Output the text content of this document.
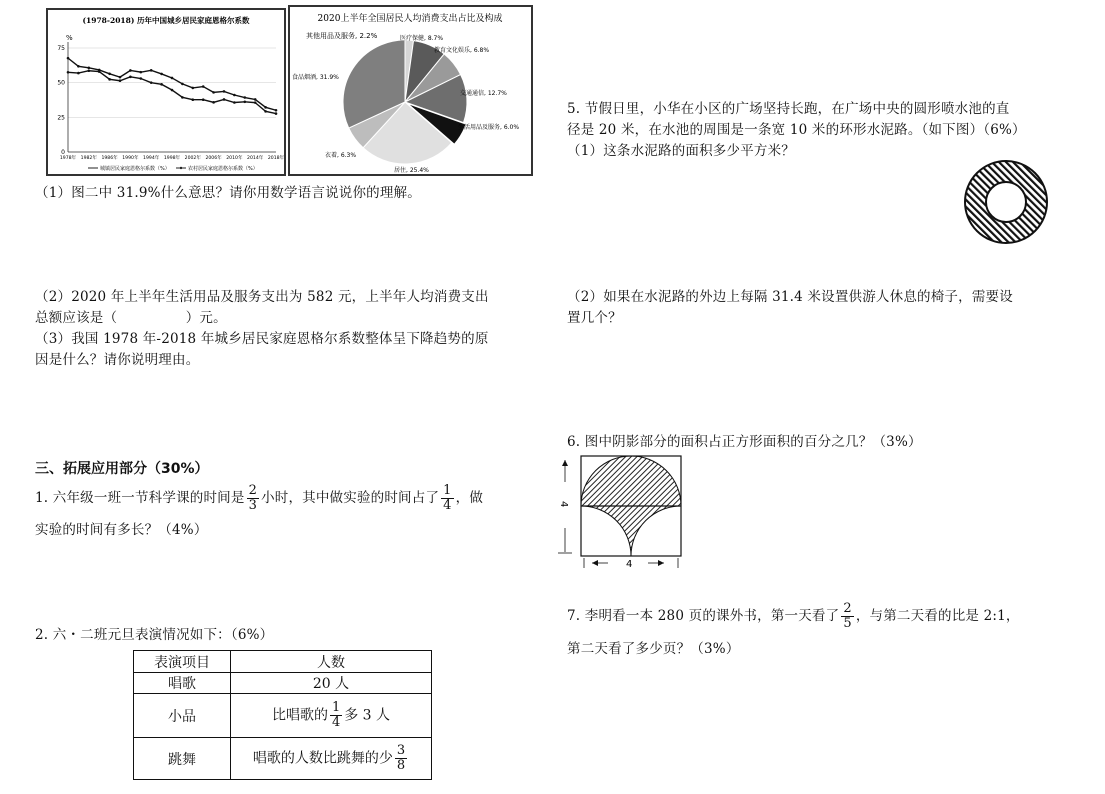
(1978-2018) 历年中国城乡居民家庭恩格尔系数
%
75
50
25
0
1978年 1982年 1986年 1990年 1994年 1998年 2002年 2006年 2010年 2014年 2018年
城镇居民家庭恩格尔系数（%）	农村居民家庭恩格尔系数（%）
2020上半年全国居民人均消费支出占比及构成
其他用品及服务, 2.2%	医疗保健, 8.7%
教育文化娱乐, 6.8%
交通通信, 12.7%
生活用品及服务, 6.0%
居住, 25.4%
衣着, 6.3%
食品烟酒, 31.9%
（1）图二中 31.9%什么意思？请你用数学语言说说你的理解。
（2）2020 年上半年生活用品及服务支出为 582 元，上半年人均消费支出
总额应该是（　　　　　）元。
（3）我国 1978 年-2018 年城乡居民家庭恩格尔系数整体呈下降趋势的原
因是什么？请你说明理由。
三、拓展应用部分（30%）
1. 六年级一班一节科学课的时间是 $\frac{2}{3}$ 小时，其中做实验的时间占了 $\frac{1}{4}$ ，做
实验的时间有多长？（4%）
2. 六・二班元旦表演情况如下：（6%）
表演项目	人数
唱歌	20 人
小品	比唱歌的 $\frac{1}{4}$ 多 3 人
跳舞	唱歌的人数比跳舞的少 $\frac{3}{8}$
5. 节假日里，小华在小区的广场坚持长跑，在广场中央的圆形喷水池的直
径是 20 米，在水池的周围是一条宽 10 米的环形水泥路。（如下图）（6%）
（1）这条水泥路的面积多少平方米？
（2）如果在水泥路的外边上每隔 31.4 米设置供游人休息的椅子，需要设
置几个？
6. 图中阴影部分的面积占正方形面积的百分之几？（3%）
4
4
7. 李明看一本 280 页的课外书，第一天看了 $\frac{2}{5}$ ，与第二天看的比是 2:1，
第二天看了多少页？（3%）
